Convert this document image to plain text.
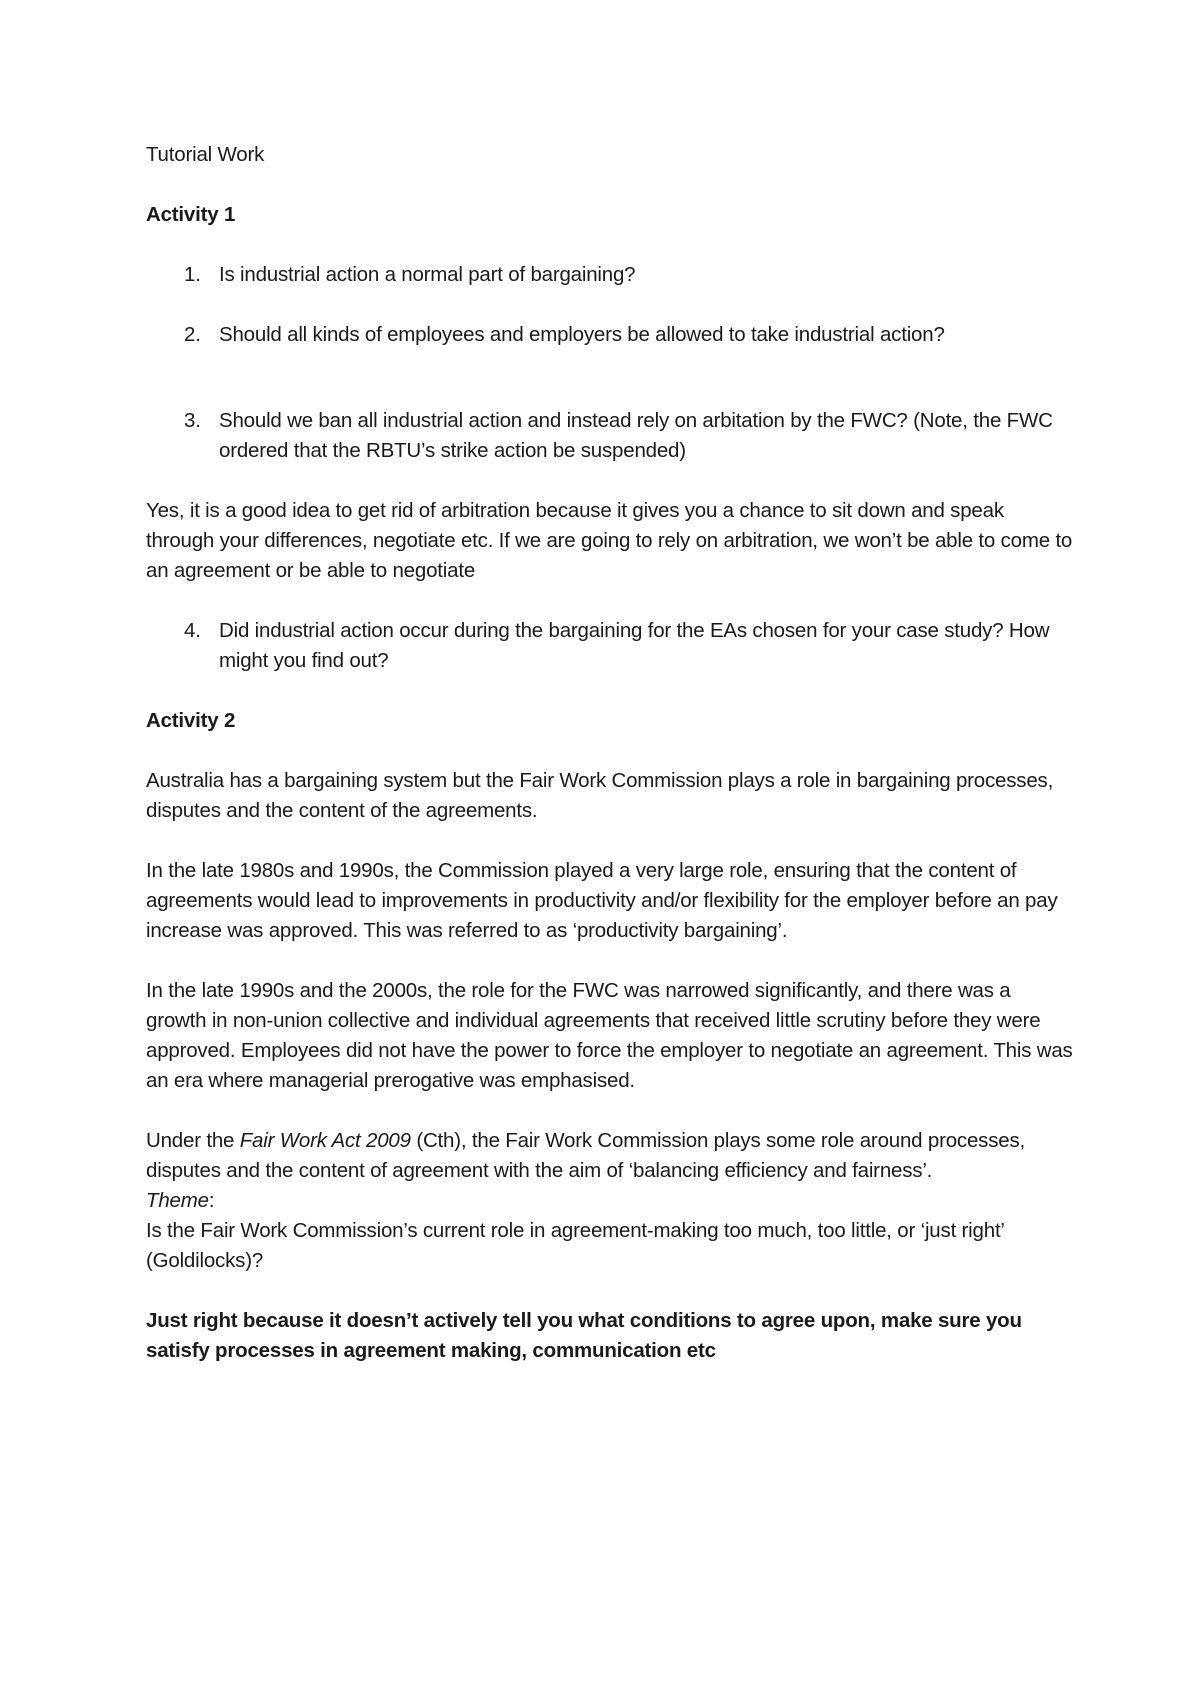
Tutorial Work

Activity 1

1. Is industrial action a normal part of bargaining?
2. Should all kinds of employees and employers be allowed to take industrial action?
3. Should we ban all industrial action and instead rely on arbitation by the FWC? (Note, the FWC ordered that the RBTU’s strike action be suspended)

Yes, it is a good idea to get rid of arbitration because it gives you a chance to sit down and speak through your differences, negotiate etc. If we are going to rely on arbitration, we won’t be able to come to an agreement or be able to negotiate

4. Did industrial action occur during the bargaining for the EAs chosen for your case study? How might you find out?

Activity 2

Australia has a bargaining system but the Fair Work Commission plays a role in bargaining processes, disputes and the content of the agreements.

In the late 1980s and 1990s, the Commission played a very large role, ensuring that the content of agreements would lead to improvements in productivity and/or flexibility for the employer before an pay increase was approved. This was referred to as ‘productivity bargaining’.

In the late 1990s and the 2000s, the role for the FWC was narrowed significantly, and there was a growth in non-union collective and individual agreements that received little scrutiny before they were approved. Employees did not have the power to force the employer to negotiate an agreement. This was an era where managerial prerogative was emphasised.

Under the Fair Work Act 2009 (Cth), the Fair Work Commission plays some role around processes, disputes and the content of agreement with the aim of ‘balancing efficiency and fairness’.

Theme:

Is the Fair Work Commission’s current role in agreement-making too much, too little, or ‘just right’ (Goldilocks)?

Just right because it doesn’t actively tell you what conditions to agree upon, make sure you satisfy processes in agreement making, communication etc
